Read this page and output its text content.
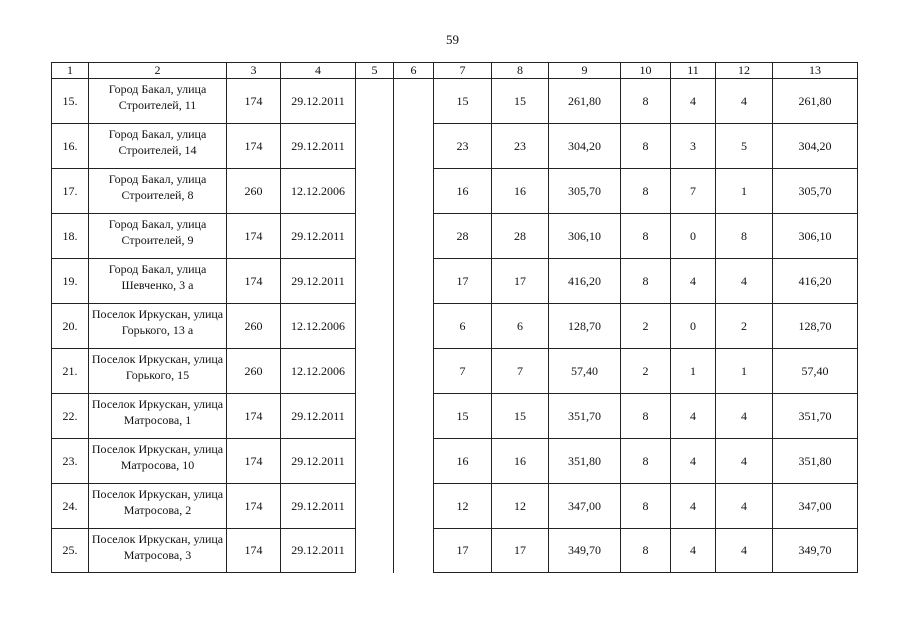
59
1	2	3	4	5	6	7	8	9	10	11	12	13
15.	Город Бакал, улица
Строителей, 11	174	29.12.2011			15	15	261,80	8	4	4	261,80
16.	Город Бакал, улица
Строителей, 14	174	29.12.2011			23	23	304,20	8	3	5	304,20
17.	Город Бакал, улица
Строителей, 8	260	12.12.2006			16	16	305,70	8	7	1	305,70
18.	Город Бакал, улица
Строителей, 9	174	29.12.2011			28	28	306,10	8	0	8	306,10
19.	Город Бакал, улица
Шевченко, 3 а	174	29.12.2011			17	17	416,20	8	4	4	416,20
20.	Поселок Иркускан, улица
Горького, 13 а	260	12.12.2006			6	6	128,70	2	0	2	128,70
21.	Поселок Иркускан, улица
Горького, 15	260	12.12.2006			7	7	57,40	2	1	1	57,40
22.	Поселок Иркускан, улица
Матросова, 1	174	29.12.2011			15	15	351,70	8	4	4	351,70
23.	Поселок Иркускан, улица
Матросова, 10	174	29.12.2011			16	16	351,80	8	4	4	351,80
24.	Поселок Иркускан, улица
Матросова, 2	174	29.12.2011			12	12	347,00	8	4	4	347,00
25.	Поселок Иркускан, улица
Матросова, 3	174	29.12.2011			17	17	349,70	8	4	4	349,70
